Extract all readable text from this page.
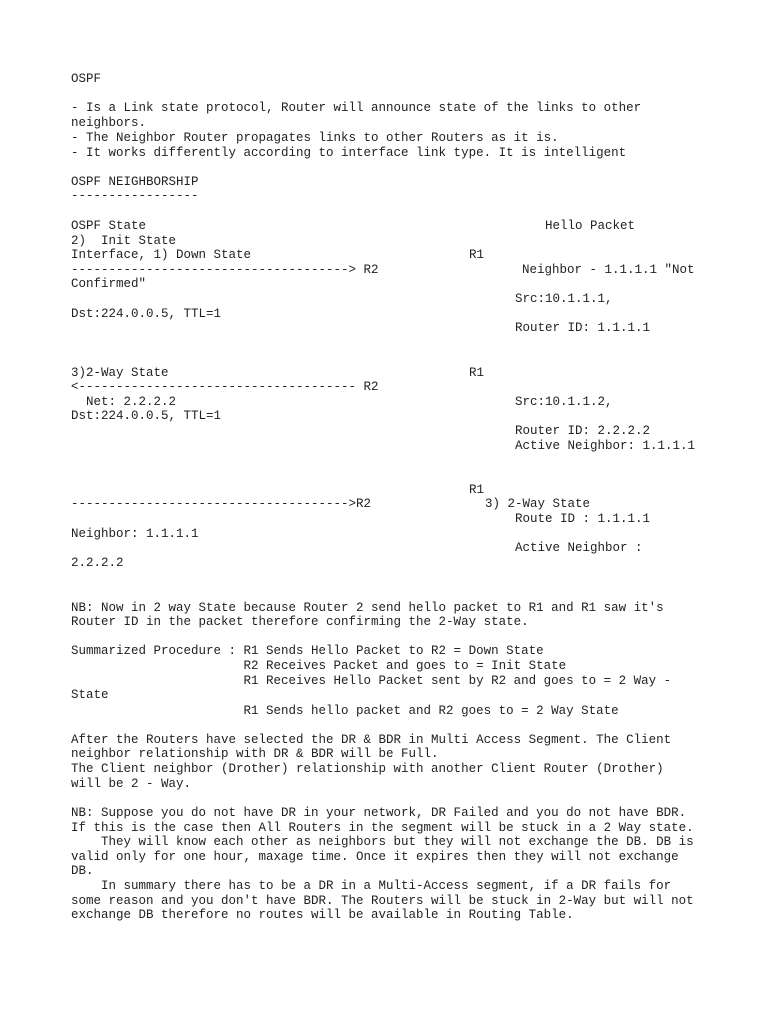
OSPF
- Is a Link state protocol, Router will announce state of the links to other
neighbors.
- The Neighbor Router propagates links to other Routers as it is.
- It works differently according to interface link type. It is intelligent
OSPF NEIGHBORSHIP
-----------------
OSPF State
2)  Init State
Interface, 1) Down State
-------------------------------------> R2
Confirmed"
Dst:224.0.0.5, TTL=1
3)2-Way State
<------------------------------------- R2
Net: 2.2.2.2
Dst:224.0.0.5, TTL=1
------------------------------------->R2
Neighbor: 1.1.1.1
2.2.2.2
Hello Packet
R1
Neighbor - 1.1.1.1 "Not
Src:10.1.1.1,
Router ID: 1.1.1.1
R1
Src:10.1.1.2,
Router ID: 2.2.2.2
Active Neighbor: 1.1.1.1
R1
3) 2-Way State
Route ID : 1.1.1.1
Active Neighbor :
NB: Now in 2 way State because Router 2 send hello packet to R1 and R1 saw it's
Router ID in the packet therefore confirming the 2-Way state.
Summarized Procedure : R1 Sends Hello Packet to R2 = Down State
R2 Receives Packet and goes to = Init State
R1 Receives Hello Packet sent by R2 and goes to = 2 Way -
State
R1 Sends hello packet and R2 goes to = 2 Way State
After the Routers have selected the DR & BDR in Multi Access Segment. The Client
neighbor relationship with DR & BDR will be Full.
The Client neighbor (Drother) relationship with another Client Router (Drother)
will be 2 - Way.
NB: Suppose you do not have DR in your network, DR Failed and you do not have BDR.
If this is the case then All Routers in the segment will be stuck in a 2 Way state.
They will know each other as neighbors but they will not exchange the DB. DB is
valid only for one hour, maxage time. Once it expires then they will not exchange
DB.
In summary there has to be a DR in a Multi-Access segment, if a DR fails for
some reason and you don't have BDR. The Routers will be stuck in 2-Way but will not
exchange DB therefore no routes will be available in Routing Table.
